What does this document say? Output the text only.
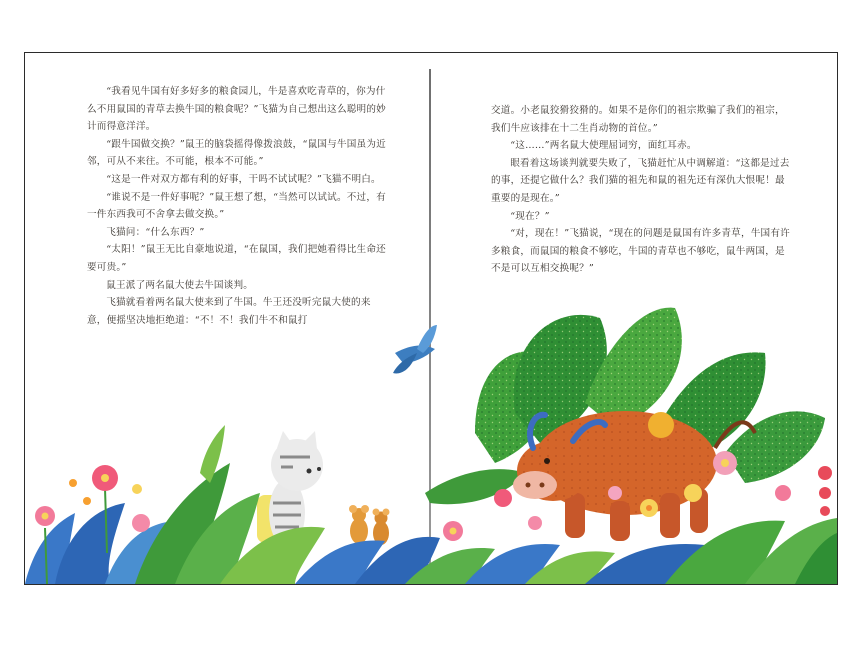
“我看见牛国有好多好多的粮食园儿，牛是喜欢吃青草的，你为什么不用鼠国的青草去换牛国的粮食呢？”飞猫为自己想出这么聪明的妙计而得意洋洋。

“跟牛国做交换？”鼠王的脑袋摇得像拨浪鼓，“鼠国与牛国虽为近邻，可从不来往。不可能，根本不可能。”

“这是一件对双方都有利的好事，干吗不试试呢？”飞猫不明白。

“谁说不是一件好事呢？”鼠王想了想，“当然可以试试。不过，有一件东西我可不舍拿去做交换。”

飞猫问：“什么东西？”

“太阳！”鼠王无比自豪地说道，“在鼠国，我们把她看得比生命还要可贵。”

鼠王派了两名鼠大使去牛国谈判。

飞猫就看着两名鼠大使来到了牛国。牛王还没听完鼠大使的来意，便摇坚决地拒绝道：“不！不！我们牛不和鼠打

交道。小老鼠狡猾狡猾的。如果不是你们的祖宗欺骗了我们的祖宗，我们牛应该排在十二生肖动物的首位。”

“这……”两名鼠大使理屈词穷，面红耳赤。

眼看着这场谈判就要失败了，飞猫赶忙从中调解道：“这都是过去的事，还提它做什么？我们猫的祖先和鼠的祖先还有深仇大恨呢！最重要的是现在。”

“现在？”

“对，现在！”飞猫说，“现在的问题是鼠国有许多青草，牛国有许多粮食，而鼠国的粮食不够吃，牛国的青草也不够吃，鼠牛两国，是不是可以互相交换呢？”
